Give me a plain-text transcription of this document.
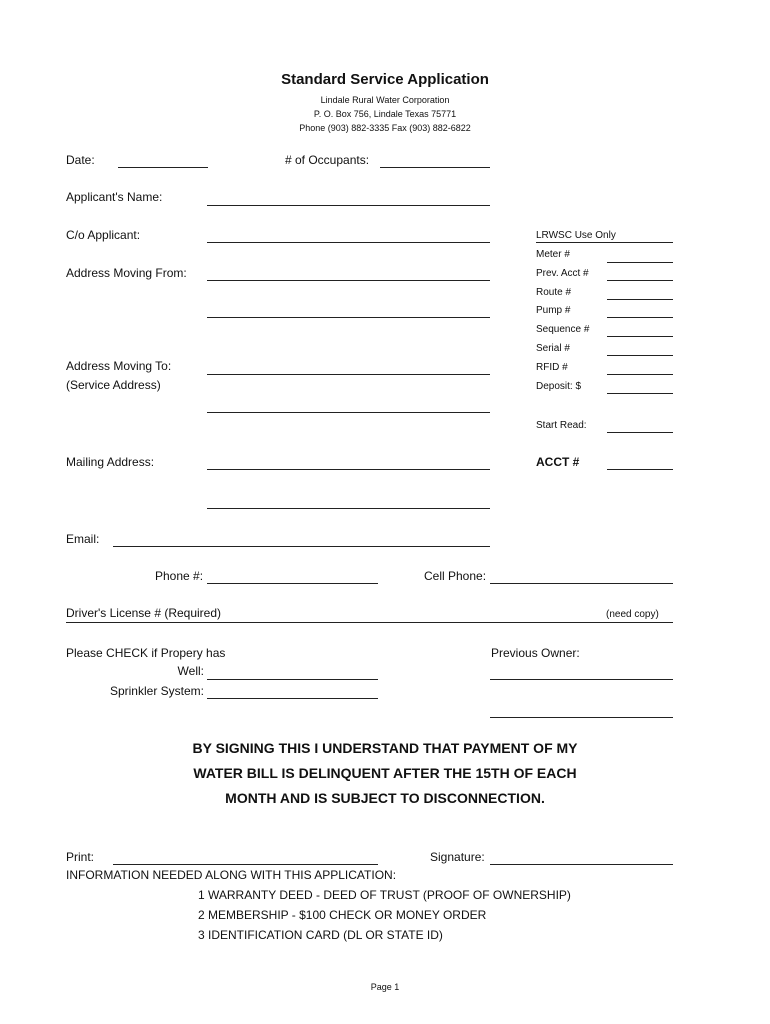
Standard Service Application
Lindale Rural Water Corporation
P. O. Box 756, Lindale Texas 75771
Phone (903) 882-3335 Fax (903) 882-6822
Date:	# of Occupants:
Applicant's Name:
C/o Applicant:
Address Moving From:
Address Moving To:
(Service Address)
Mailing Address:
Email:
Phone #:	Cell Phone:
Driver's License # (Required)	(need copy)
Please CHECK if Propery has
Well:
Sprinkler System:
Previous Owner:
LRWSC Use Only
Meter #
Prev. Acct #
Route #
Pump #
Sequence #
Serial #
RFID #
Deposit: $
Start Read:
ACCT #
BY SIGNING THIS I UNDERSTAND THAT PAYMENT OF MY
WATER BILL IS DELINQUENT AFTER THE 15TH OF EACH
MONTH AND IS SUBJECT TO DISCONNECTION.
Print:	Signature:
INFORMATION NEEDED ALONG WITH THIS APPLICATION:
1 WARRANTY DEED - DEED OF TRUST (PROOF OF OWNERSHIP)
2 MEMBERSHIP - $100 CHECK OR MONEY ORDER
3 IDENTIFICATION CARD (DL OR STATE ID)
Page 1
